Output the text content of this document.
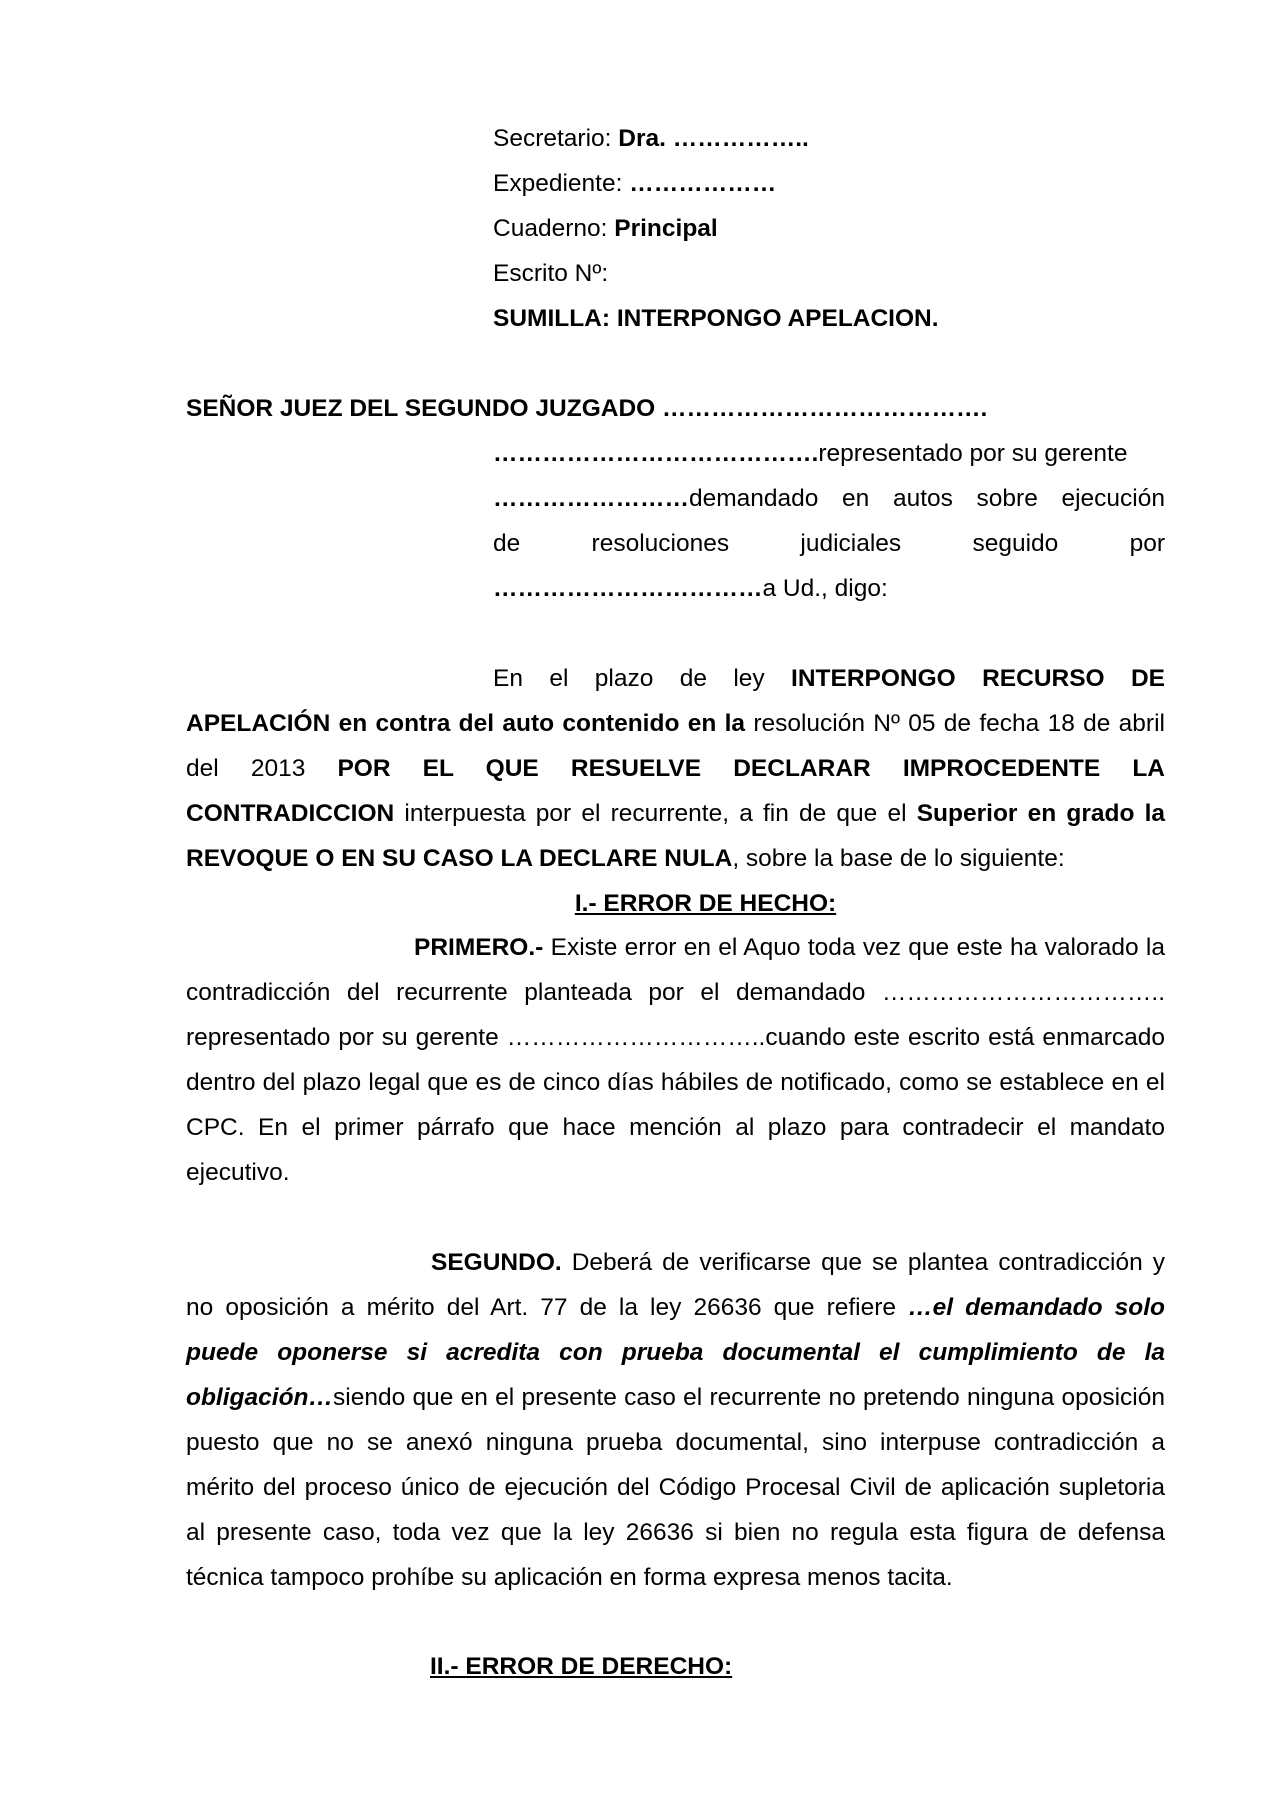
Secretario: Dra. ……………..
Expediente: ………………
Cuaderno: Principal
Escrito Nº:
SUMILLA: INTERPONGO APELACION.
SEÑOR JUEZ DEL SEGUNDO JUZGADO ………………………………….
………………………………….representado por su gerente
…………………… demandado en autos sobre ejecución
de	resoluciones	judiciales	seguido	por
……………………………a Ud., digo:

En el plazo de ley INTERPONGO RECURSO DE APELACIÓN en contra del auto contenido en la resolución Nº 05 de fecha 18 de abril del 2013 POR EL QUE RESUELVE DECLARAR IMPROCEDENTE LA CONTRADICCION interpuesta por el recurrente, a fin de que el Superior en grado la REVOQUE O EN SU CASO LA DECLARE NULA, sobre la base de lo siguiente:

I.- ERROR DE HECHO:

PRIMERO.- Existe error en el Aquo toda vez que este ha valorado la contradicción del recurrente planteada por el demandado …………………………….. representado por su gerente …………………………..cuando este escrito está enmarcado dentro del plazo legal que es de cinco días hábiles de notificado, como se establece en el CPC. En el primer párrafo que hace mención al plazo para contradecir el mandato ejecutivo.

SEGUNDO. Deberá de verificarse que se plantea contradicción y no oposición a mérito del Art. 77 de la ley 26636 que refiere …el demandado solo puede oponerse si acredita con prueba documental el cumplimiento de la obligación…siendo que en el presente caso el recurrente no pretendo ninguna oposición puesto que no se anexó ninguna prueba documental, sino interpuse contradicción a mérito del proceso único de ejecución del Código Procesal Civil de aplicación supletoria al presente caso, toda vez que la ley 26636 si bien no regula esta figura de defensa técnica tampoco prohíbe su aplicación en forma expresa menos tacita.

II.- ERROR DE DERECHO:
